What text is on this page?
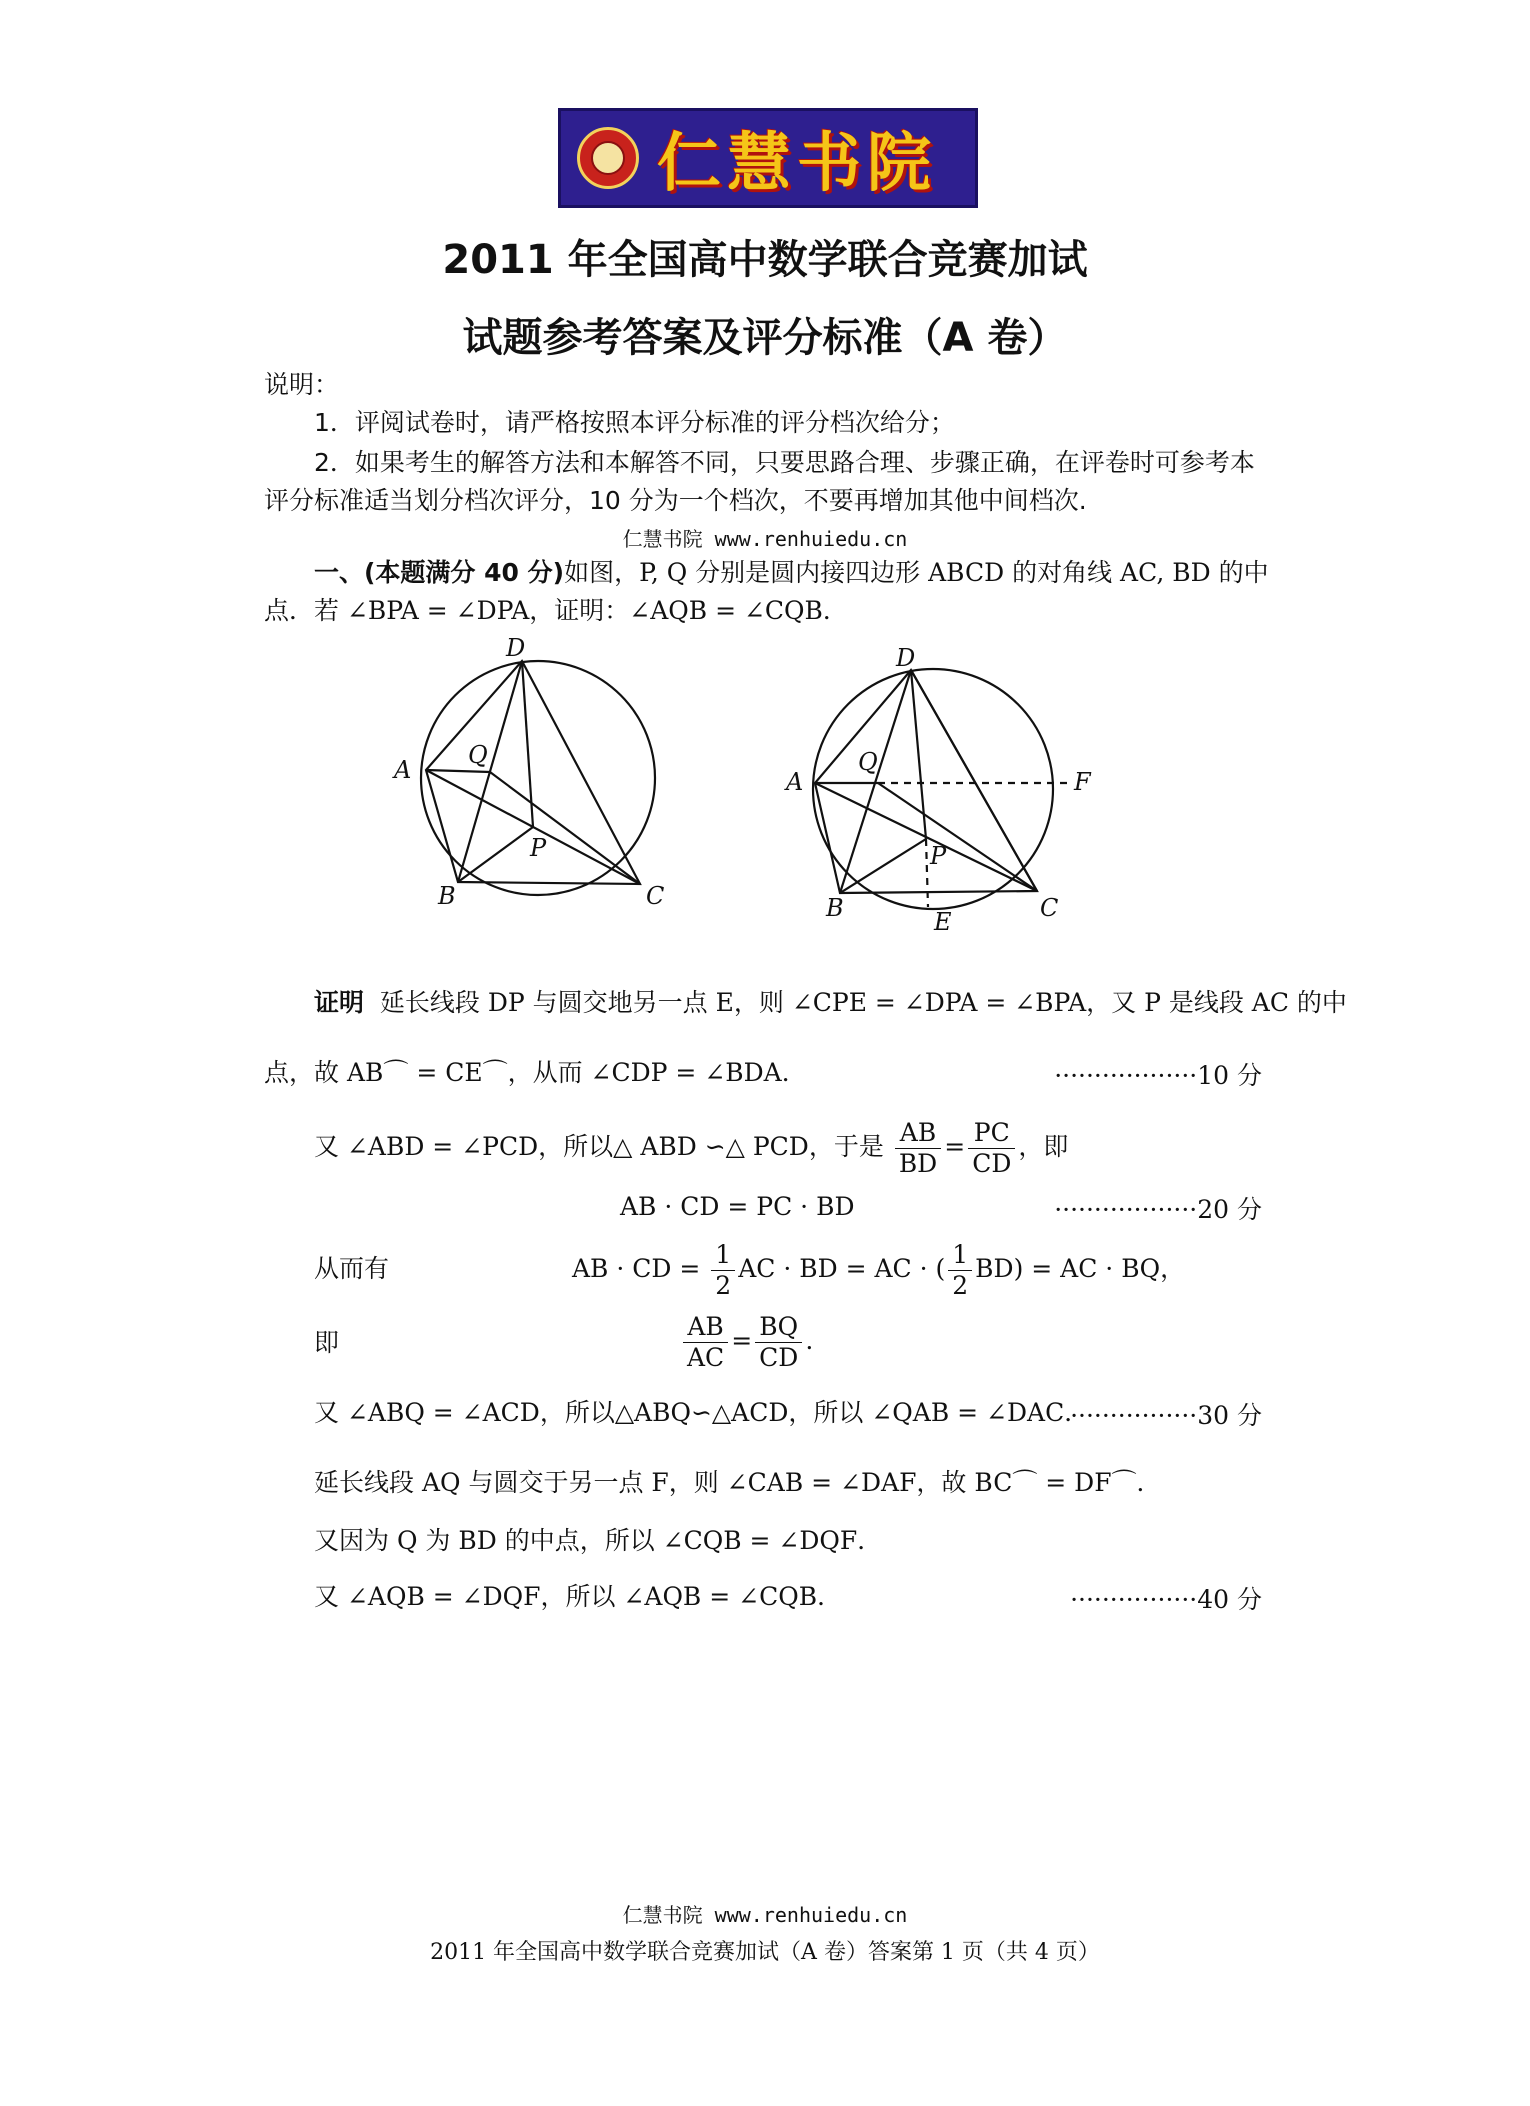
仁慧书院
2011 年全国高中数学联合竞赛加试
试题参考答案及评分标准（A 卷）
说明：
1．评阅试卷时，请严格按照本评分标准的评分档次给分；
2．如果考生的解答方法和本解答不同，只要思路合理、步骤正确，在评卷时可参考本
评分标准适当划分档次评分，10 分为一个档次，不要再增加其他中间档次.
仁慧书院 www.renhuiedu.cn
一、(本题满分 40 分)如图，P, Q 分别是圆内接四边形 ABCD 的对角线 AC, BD 的中
点．若 ∠BPA = ∠DPA，证明：∠AQB = ∠CQB．
D
A
Q
P
B	C
D
A
Q
F
P
B	E	C
证明 延长线段 DP 与圆交地另一点 E，则 ∠CPE = ∠DPA = ∠BPA，又 P 是线段 AC 的中
点，故 AB⌒ = CE⌒，从而 ∠CDP = ∠BDA．	··················10 分
又 ∠ABD = ∠PCD，所以△ ABD ∽△ PCD，于是 $\frac{AB}{BD} = \frac{PC}{CD}$ ，即
AB · CD = PC · BD	··················20 分
从而有	AB · CD = $\frac{1}{2}$ AC · BD = AC · ( $\frac{1}{2} BD$) = AC · BQ，
即	$\frac{AB}{AC} = \frac{BQ}{CD}$ .
又 ∠ABQ = ∠ACD，所以△ABQ∽△ACD，所以 ∠QAB = ∠DAC．
················30 分
延长线段 AQ 与圆交于另一点 F，则 ∠CAB = ∠DAF，故 BC⌒ = DF⌒．
又因为 Q 为 BD 的中点，所以 ∠CQB = ∠DQF．
又 ∠AQB = ∠DQF，所以 ∠AQB = ∠CQB．	················40 分
仁慧书院 www.renhuiedu.cn
2011 年全国高中数学联合竞赛加试（A 卷）答案第 1 页（共 4 页）
